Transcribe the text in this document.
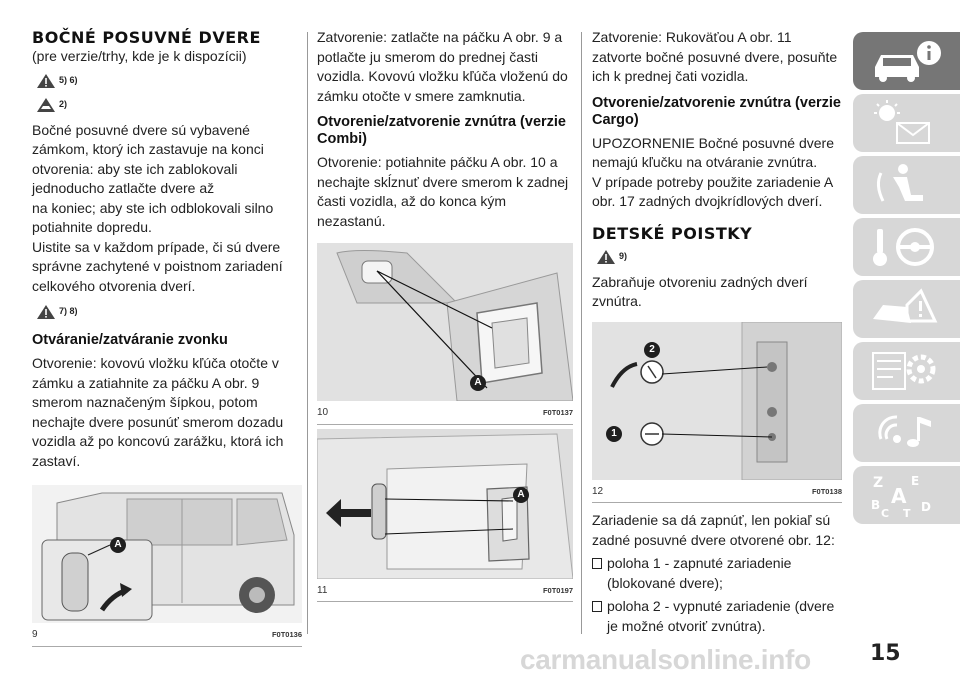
BOČNÉ POSUVNÉ DVERE

(pre verzie/trhy, kde je k dispozícii)

5) 6)
2)

Bočné posuvné dvere sú vybavené zámkom, ktorý ich zastavuje na konci otvorenia: aby ste ich zablokovali jednoducho zatlačte dvere až

na koniec; aby ste ich odblokovali silno potiahnite dopredu.

Uistite sa v každom prípade, či sú dvere správne zachytené v poistnom zariadení celkového otvorenia dverí.

7) 8)
Otváranie/zatváranie zvonku

Otvorenie: kovovú vložku kľúča otočte v zámku a zatiahnite za páčku A obr. 9 smerom naznačeným šípkou, potom nechajte dvere posunúť smerom dozadu vozidla až po koncovú zarážku, ktorá ich zastaví.

A
9	F0T0136

Zatvorenie: zatlačte na páčku A obr. 9 a potlačte ju smerom do prednej časti vozidla. Kovovú vložku kľúča vloženú do zámku otočte v smere zamknutia.

Otvorenie/zatvorenie zvnútra (verzie Combi)

Otvorenie: potiahnite páčku A obr. 10 a nechajte skĺznuť dvere smerom k zadnej časti vozidla, až do konca kým nezastanú.

A
10	F0T0137
A
11	F0T0197

Zatvorenie: Rukoväťou A obr. 11 zatvorte bočné posuvné dvere, posuňte ich k prednej čati vozidla.

Otvorenie/zatvorenie zvnútra (verzie Cargo)

UPOZORNENIE Bočné posuvné dvere nemajú kľučku na otváranie zvnútra.

V prípade potreby použite zariadenie A obr. 17 zadných dvojkrídlových dverí.

DETSKÉ POISTKY
9)

Zabraňuje otvoreniu zadných dverí zvnútra.

2
1
12	F0T0138

Zariadenie sa dá zapnúť, len pokiaľ sú zadné posuvné dvere otvorené obr. 12:

poloha 1 - zapnuté zariadenie (blokované dvere);
poloha 2 - vypnuté zariadenie (dvere je možné otvoriť zvnútra).
Z E
B A D
C T
15
carmanualsonline.info
